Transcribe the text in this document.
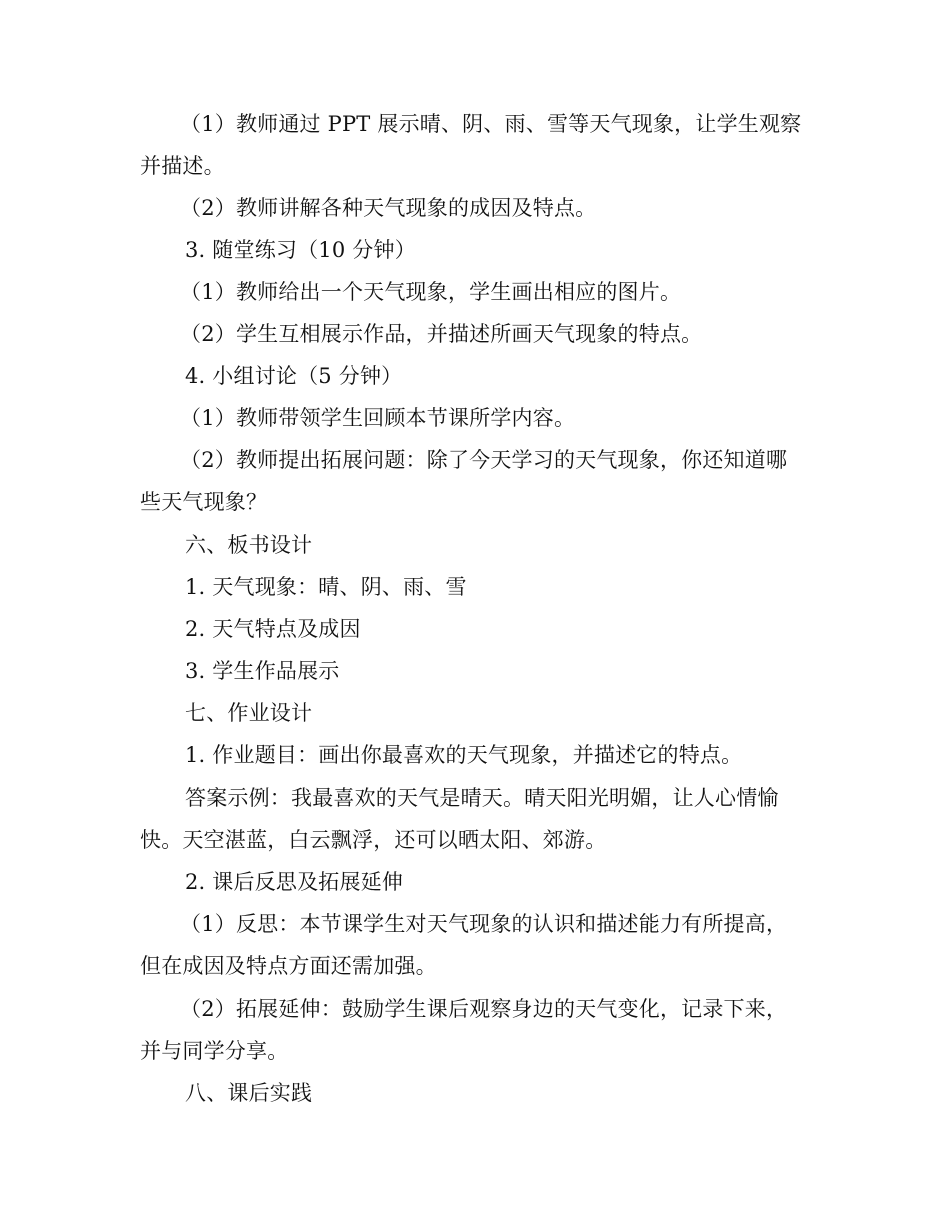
（1）教师通过 PPT 展示晴、阴、雨、雪等天气现象，让学生观察
并描述。
（2）教师讲解各种天气现象的成因及特点。
3. 随堂练习（10 分钟）
（1）教师给出一个天气现象，学生画出相应的图片。
（2）学生互相展示作品，并描述所画天气现象的特点。
4. 小组讨论（5 分钟）
（1）教师带领学生回顾本节课所学内容。
（2）教师提出拓展问题：除了今天学习的天气现象，你还知道哪
些天气现象？
六、板书设计
1. 天气现象：晴、阴、雨、雪
2. 天气特点及成因
3. 学生作品展示
七、作业设计
1. 作业题目：画出你最喜欢的天气现象，并描述它的特点。
答案示例：我最喜欢的天气是晴天。晴天阳光明媚，让人心情愉
快。天空湛蓝，白云飘浮，还可以晒太阳、郊游。
2. 课后反思及拓展延伸
（1）反思：本节课学生对天气现象的认识和描述能力有所提高，
但在成因及特点方面还需加强。
（2）拓展延伸：鼓励学生课后观察身边的天气变化，记录下来，
并与同学分享。
八、课后实践
